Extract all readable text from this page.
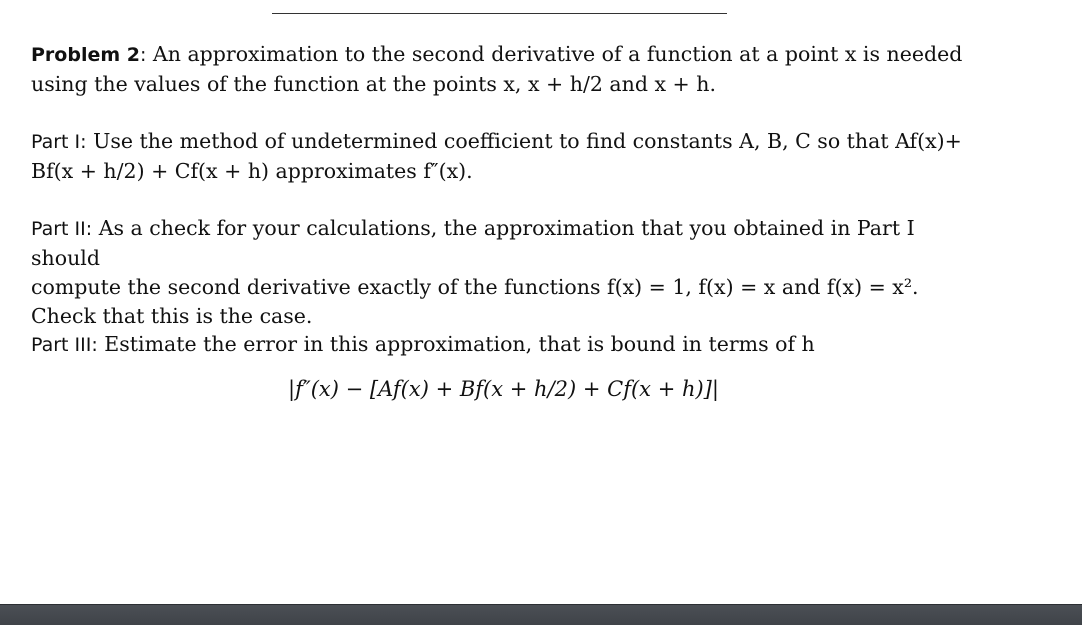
Problem 2: An approximation to the second derivative of a function at a point x is needed
using the values of the function at the points x, x + h/2 and x + h.

Part I: Use the method of undetermined coefficient to find constants A, B, C so that Af(x)+
Bf(x + h/2) + Cf(x + h) approximates f″(x).

Part II: As a check for your calculations, the approximation that you obtained in Part I should
compute the second derivative exactly of the functions f(x) = 1, f(x) = x and f(x) = x².
Check that this is the case.

Part III: Estimate the error in this approximation, that is bound in terms of h

|f″(x) − [Af(x) + Bf(x + h/2) + Cf(x + h)]|
